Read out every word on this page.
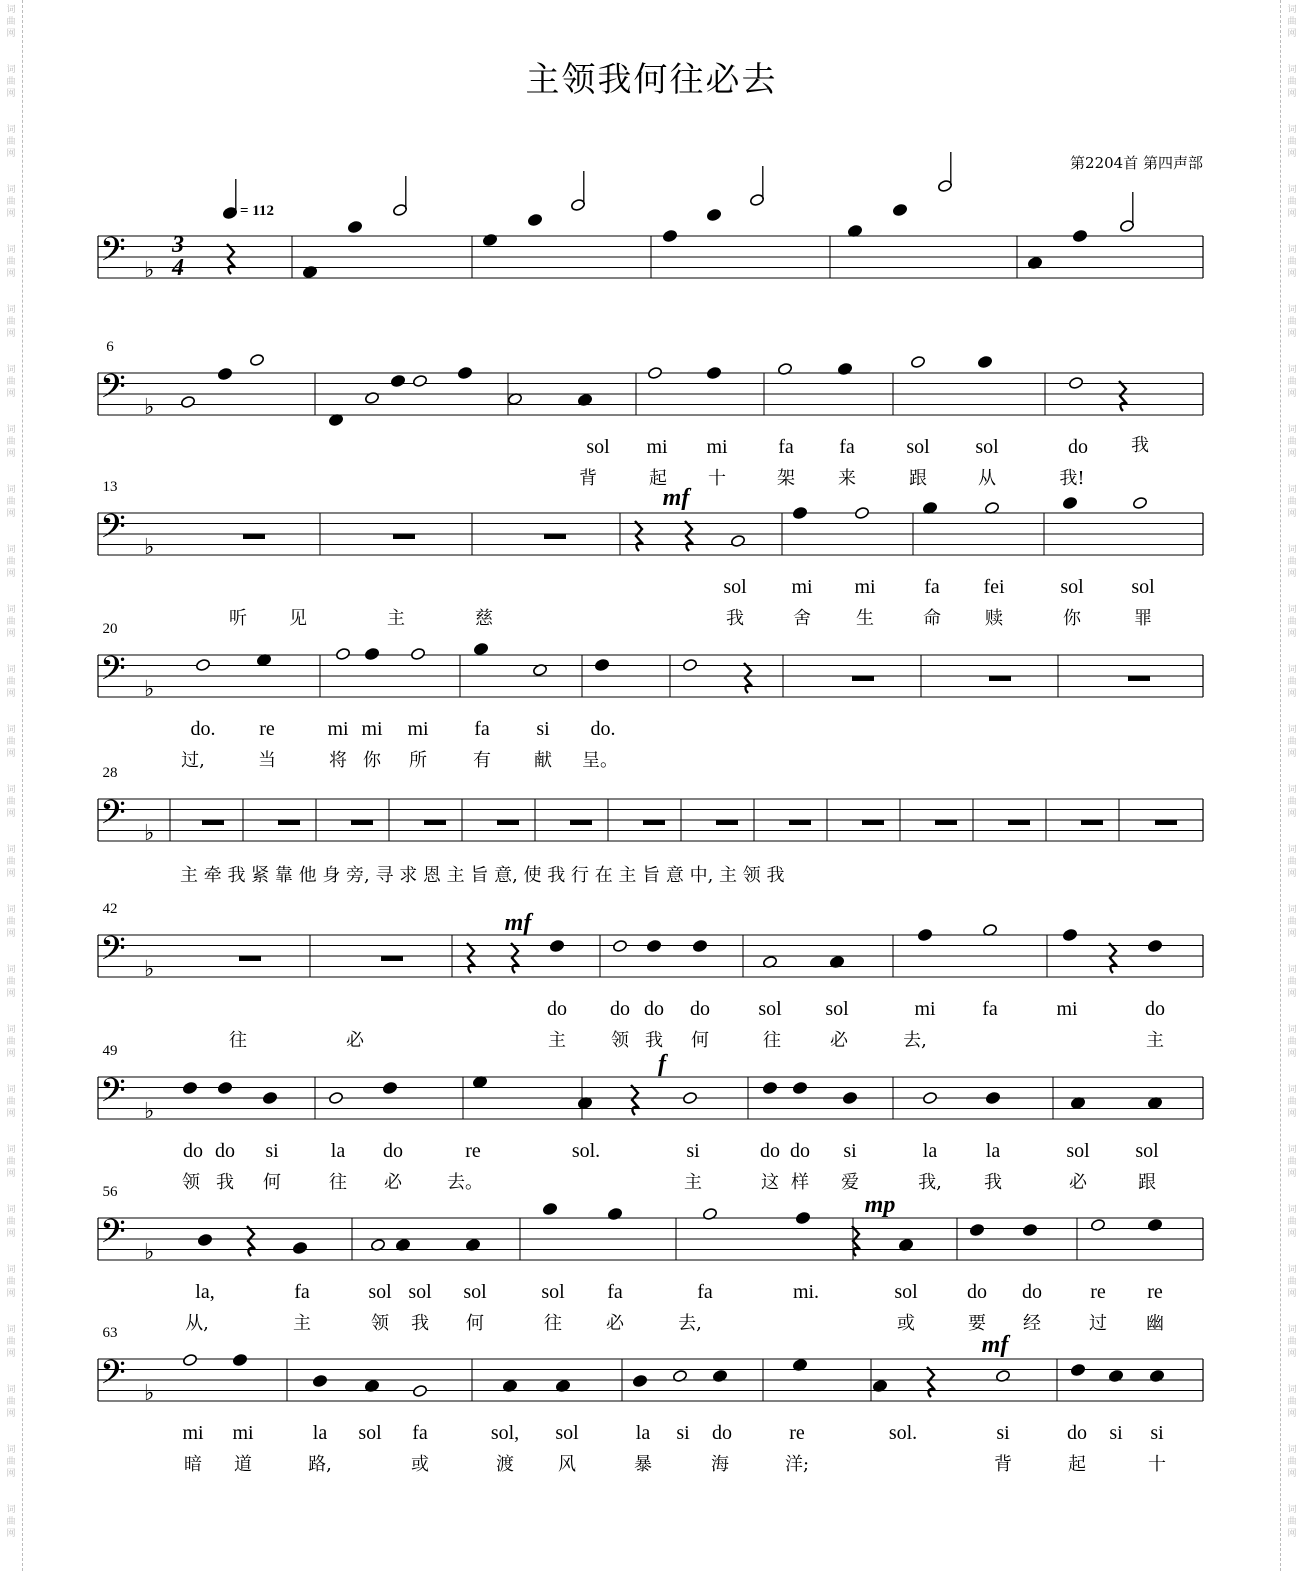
词
曲
网
词
曲
网
词
曲
网
词
曲
网
词
曲
网
词
曲
网
词
曲
网
词
曲
网
词
曲
网
词
曲
网
词
曲
网
词
曲
网
词
曲
网
词
曲
网
词
曲
网
词
曲
网
词
曲
网
词
曲
网
词
曲
网
词
曲
网
词
曲
网
词
曲
网
词
曲
网
词
曲
网
词
曲
网
词
曲
网
词
曲
网
词
曲
网
词
曲
网
词
曲
网
词
曲
网
词
曲
网
词
曲
网
词
曲
网
词
曲
网
词
曲
网
词
曲
网
词
曲
网
词
曲
网
词
曲
网
词
曲
网
词
曲
网
词
曲
网
词
曲
网
词
曲
网
词
曲
网
词
曲
网
词
曲
网
词
曲
网
词
曲
网
词
曲
网
词
曲
网
主领我何往必去
第2204首 第四声部
𝄢 ♭
𝄢 ♭
𝄢 ♭
𝄢 ♭
𝄢 ♭
𝄢 ♭
𝄢 ♭
𝄢 ♭
𝄢 ♭
3
4
= 112
6
sol mi mi	fa fa	sol sol	do
背	起 十	架 来	跟	从	我!
我
13
sol mi mi fa fei	sol sol
听 见	主	慈	我	舍	生	命 赎	你	罪
mf
20
do. re	mi mi mi fa si do.
过,	当	将 你 所	有 献 呈。
28
主 牵 我 紧 靠 他 身 旁, 寻 求 恩 主 旨 意, 使 我 行 在 主 旨 意 中, 主 领 我
42
do do do do sol sol	mi fa	mi	do
往	必	主	领 我 何	往	必	去,	主
mf
49
do do si	la do	re	sol.	si	do do si	la la	sol sol
领 我 何	往 必	去。	主	这 样 爱	我, 我	必	跟
f
56
la,	fa	sol sol sol	sol fa	fa	mi.	sol do do re re
从,	主	领 我 何	往 必	去,	或	要 经	过 幽
mp
63
mi mi	la sol fa	sol, sol	la si do	re	sol.	si	do si si
暗 道	路,	或	渡 风	暴	海	洋;	背	起	十
mf
